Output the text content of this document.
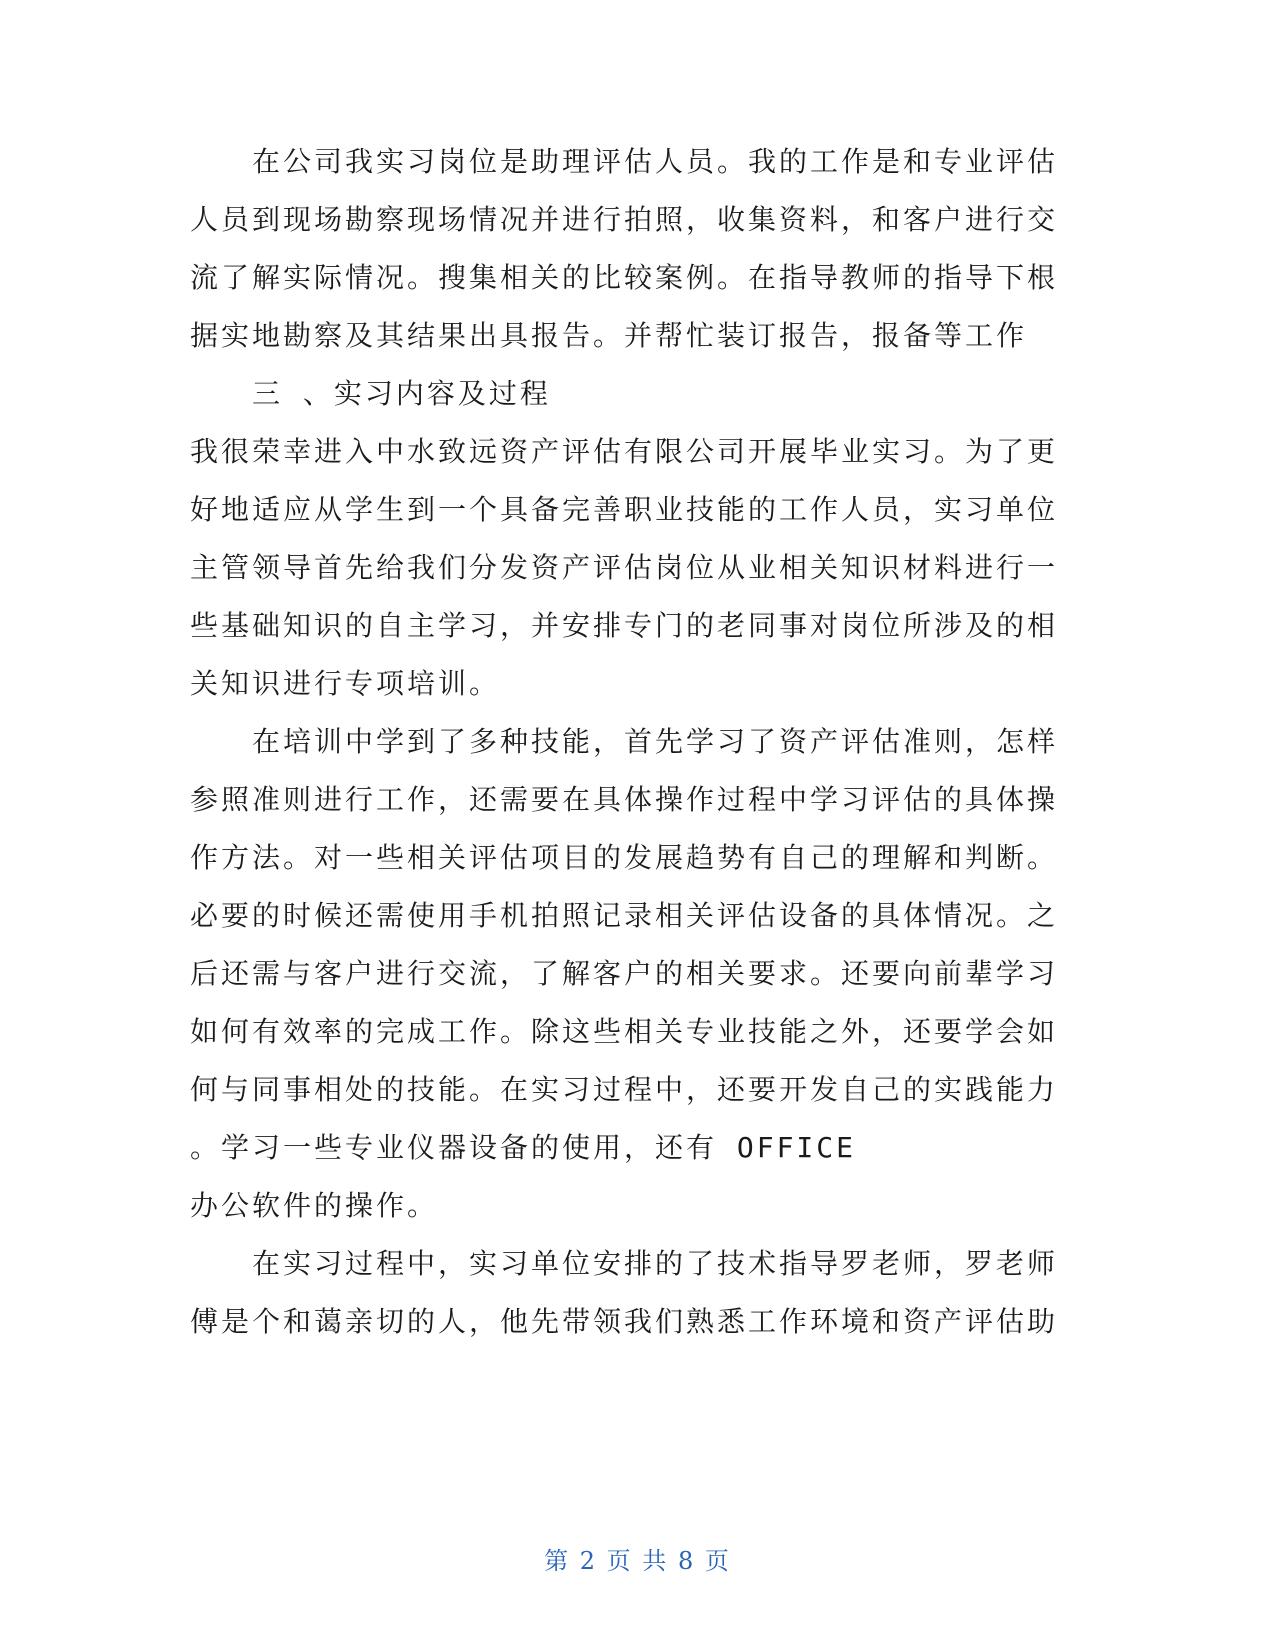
在公司我实习岗位是助理评估人员。我的工作是和专业评估
人员到现场勘察现场情况并进行拍照，收集资料，和客户进行交
流了解实际情况。搜集相关的比较案例。在指导教师的指导下根
据实地勘察及其结果出具报告。并帮忙装订报告，报备等工作
三 、实习内容及过程
我很荣幸进入中水致远资产评估有限公司开展毕业实习。为了更
好地适应从学生到一个具备完善职业技能的工作人员，实习单位
主管领导首先给我们分发资产评估岗位从业相关知识材料进行一
些基础知识的自主学习，并安排专门的老同事对岗位所涉及的相
关知识进行专项培训。
在培训中学到了多种技能，首先学习了资产评估准则，怎样
参照准则进行工作，还需要在具体操作过程中学习评估的具体操
作方法。对一些相关评估项目的发展趋势有自己的理解和判断。
必要的时候还需使用手机拍照记录相关评估设备的具体情况。之
后还需与客户进行交流，了解客户的相关要求。还要向前辈学习
如何有效率的完成工作。除这些相关专业技能之外，还要学会如
何与同事相处的技能。在实习过程中，还要开发自己的实践能力
。学习一些专业仪器设备的使用，还有 OFFICE
办公软件的操作。
在实习过程中，实习单位安排的了技术指导罗老师，罗老师
傅是个和蔼亲切的人，他先带领我们熟悉工作环境和资产评估助
第 2 页 共 8 页
